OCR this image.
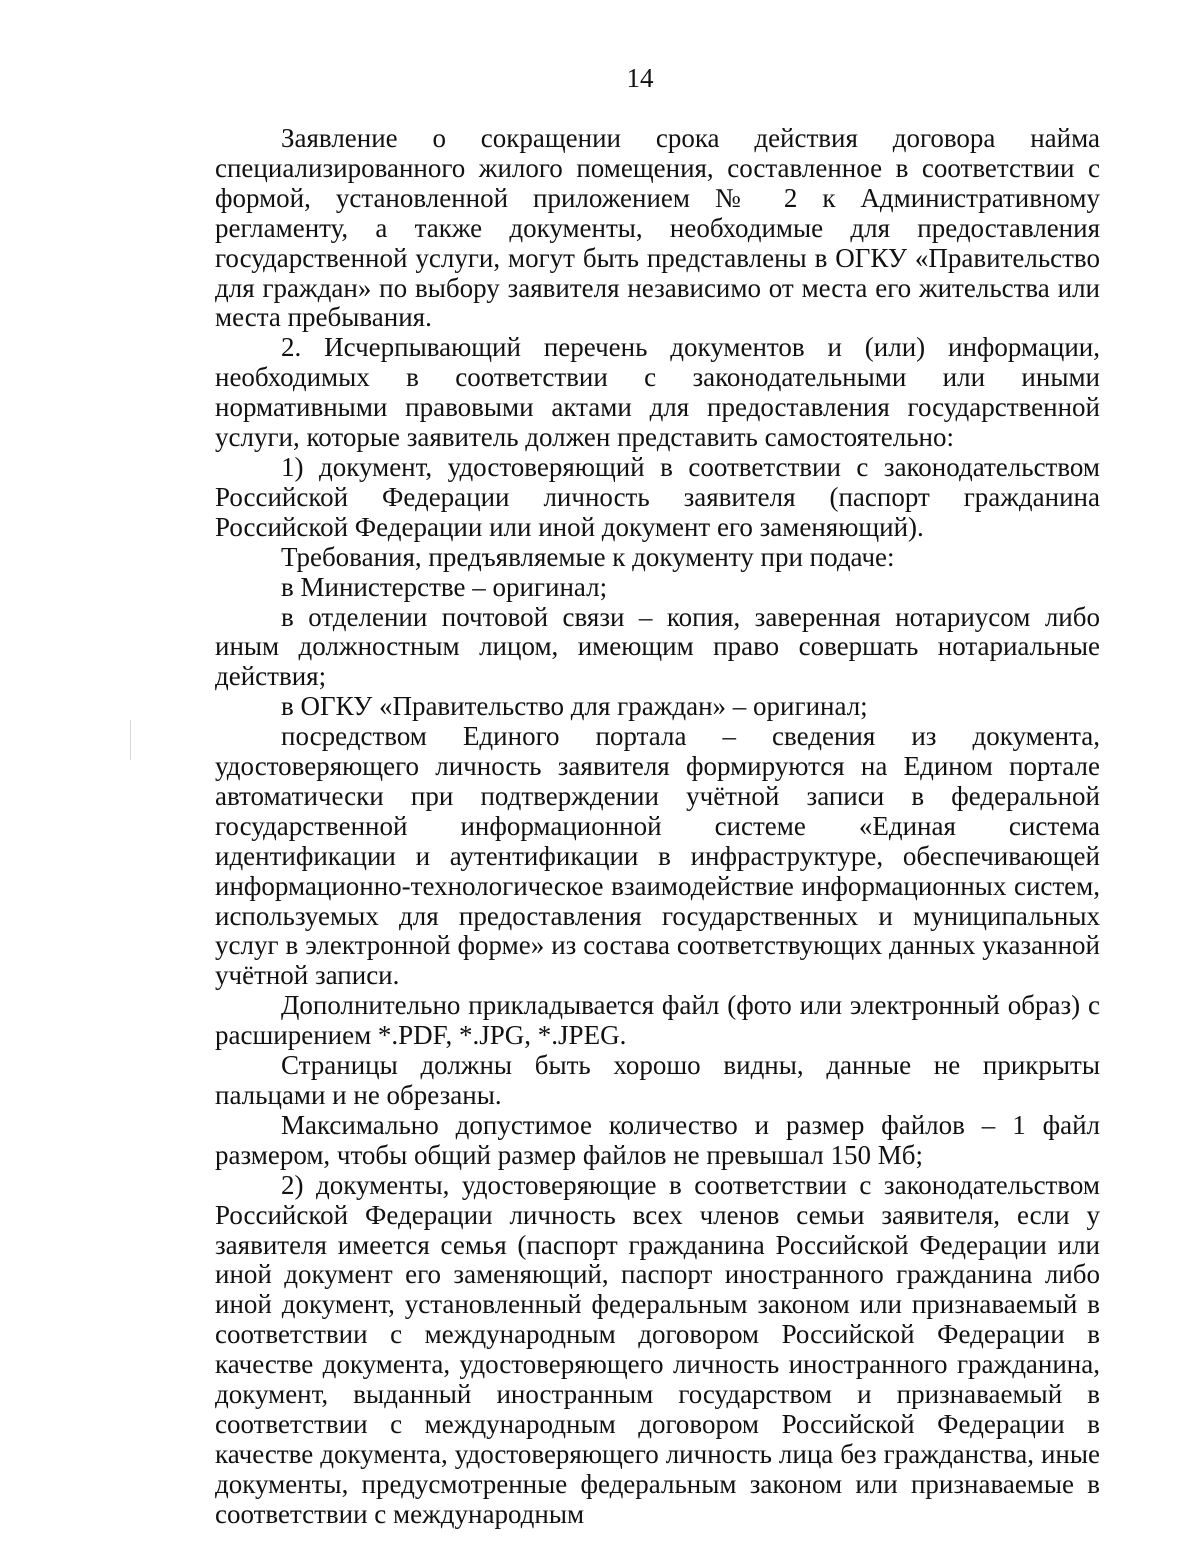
14

Заявление о сокращении срока действия договора найма специализированного жилого помещения, составленное в соответствии с формой, установленной приложением № 2 к Административному регламенту, а также документы, необходимые для предоставления государственной услуги, могут быть представлены в ОГКУ «Правительство для граждан» по выбору заявителя независимо от места его жительства или места пребывания.

2. Исчерпывающий перечень документов и (или) информации, необходимых в соответствии с законодательными или иными нормативными правовыми актами для предоставления государственной услуги, которые заявитель должен представить самостоятельно:

1) документ, удостоверяющий в соответствии с законодательством Российской Федерации личность заявителя (паспорт гражданина Российской Федерации или иной документ его заменяющий).

Требования, предъявляемые к документу при подаче:

в Министерстве – оригинал;

в отделении почтовой связи – копия, заверенная нотариусом либо иным должностным лицом, имеющим право совершать нотариальные действия;

в ОГКУ «Правительство для граждан» – оригинал;

посредством Единого портала – сведения из документа, удостоверяющего личность заявителя формируются на Едином портале автоматически при подтверждении учётной записи в федеральной государственной информационной системе «Единая система идентификации и аутентификации в инфраструктуре, обеспечивающей информационно-технологическое взаимодействие информационных систем, используемых для предоставления государственных и муниципальных услуг в электронной форме» из состава соответствующих данных указанной учётной записи.

Дополнительно прикладывается файл (фото или электронный образ) с расширением *.PDF, *.JPG, *.JPEG.

Страницы должны быть хорошо видны, данные не прикрыты пальцами и не обрезаны.

Максимально допустимое количество и размер файлов – 1 файл размером, чтобы общий размер файлов не превышал 150 Мб;

2) документы, удостоверяющие в соответствии с законодательством Российской Федерации личность всех членов семьи заявителя, если у заявителя имеется семья (паспорт гражданина Российской Федерации или иной документ его заменяющий, паспорт иностранного гражданина либо иной документ, установленный федеральным законом или признаваемый в соответствии с международным договором Российской Федерации в качестве документа, удостоверяющего личность иностранного гражданина, документ, выданный иностранным государством и признаваемый в соответствии с международным договором Российской Федерации в качестве документа, удостоверяющего личность лица без гражданства, иные документы, предусмотренные федеральным законом или признаваемые в соответствии с международным
